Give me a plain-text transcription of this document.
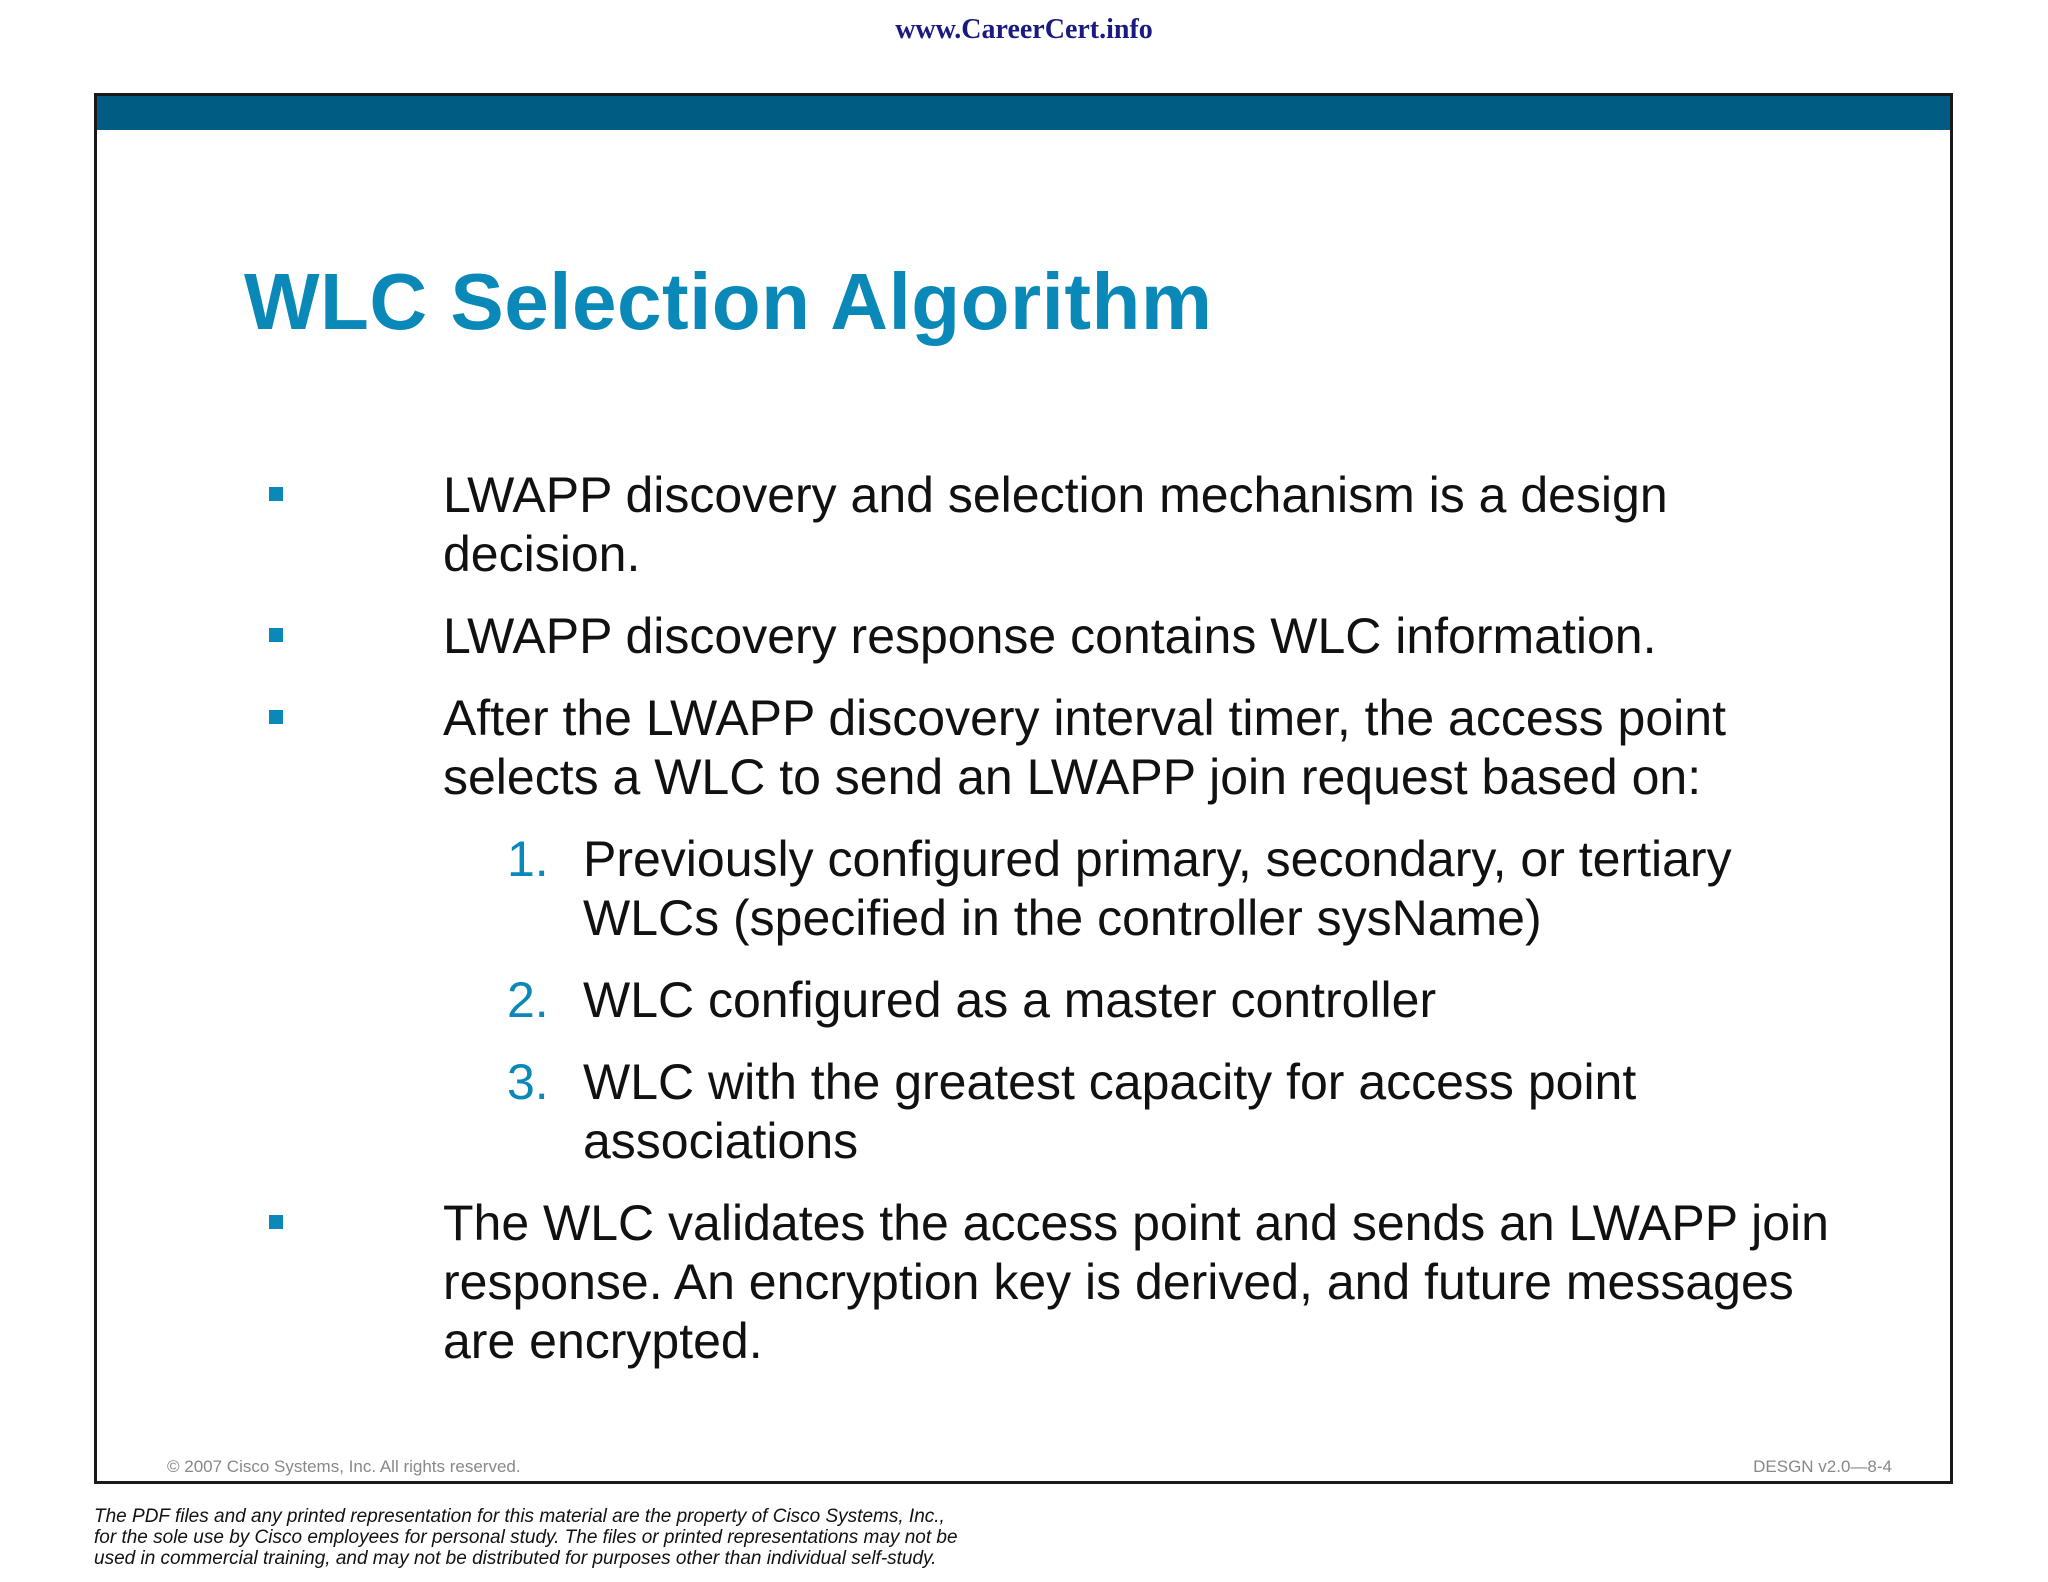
www.CareerCert.info
WLC Selection Algorithm
LWAPP discovery and selection mechanism is a design decision.
LWAPP discovery response contains WLC information.
After the LWAPP discovery interval timer, the access point selects a WLC to send an LWAPP join request based on:
1. Previously configured primary, secondary, or tertiary WLCs (specified in the controller sysName)
2. WLC configured as a master controller
3. WLC with the greatest capacity for access point associations
The WLC validates the access point and sends an LWAPP join response. An encryption key is derived, and future messages are encrypted.
© 2007 Cisco Systems, Inc. All rights reserved.	DESGN v2.0—8-4
The PDF files and any printed representation for this material are the property of Cisco Systems, Inc.,
for the sole use by Cisco employees for personal study. The files or printed representations may not be
used in commercial training, and may not be distributed for purposes other than individual self-study.
